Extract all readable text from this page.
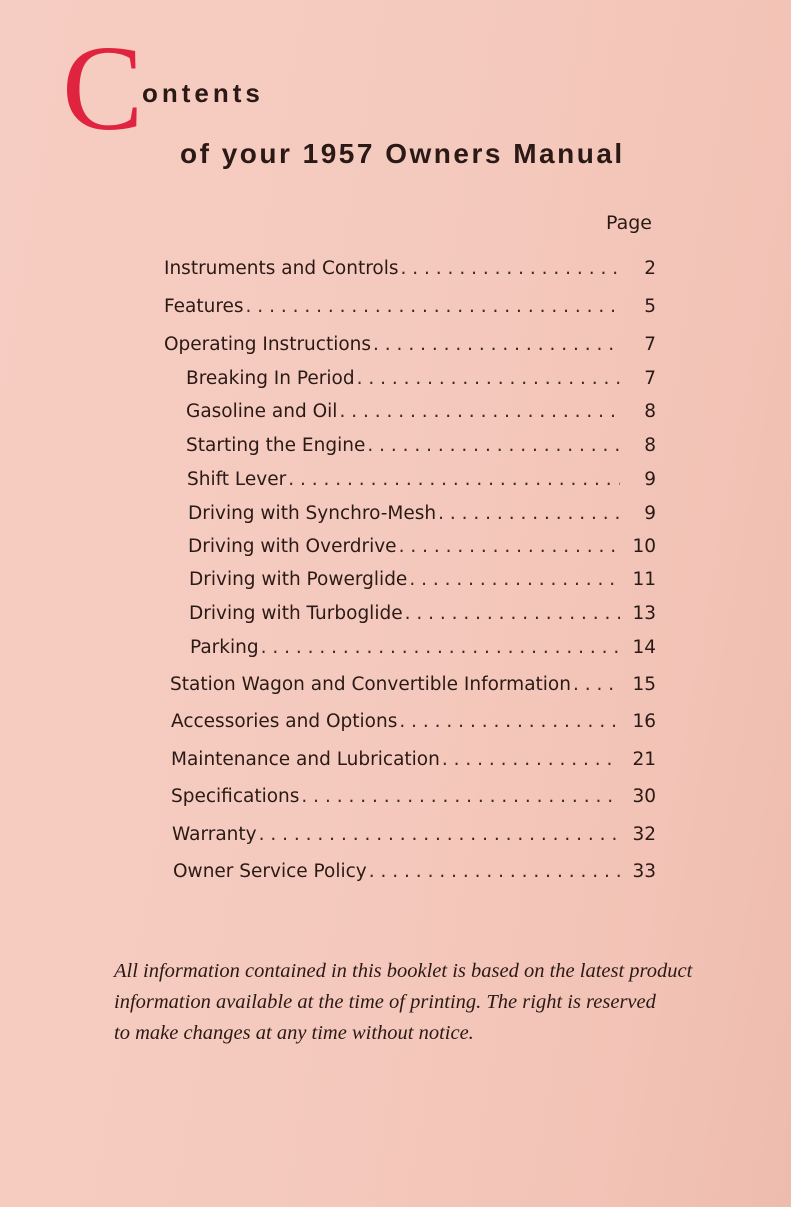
C
ontents
of your 1957 Owners Manual
Page
Instruments and Controls . . .	2
Features . . .	5
Operating Instructions . . .	7
Breaking In Period . . .	7
Gasoline and Oil . . .	8
Starting the Engine . . .	8
Shift Lever . . .	9
Driving with Synchro-Mesh . . .	9
Driving with Overdrive . . .	10
Driving with Powerglide . . .	11
Driving with Turboglide . . .	13
Parking . . .	14
Station Wagon and Convertible Information . . .	15
Accessories and Options . . .	16
Maintenance and Lubrication . . .	21
Specifications . . .	30
Warranty . . .	32
Owner Service Policy . . .	33
All information contained in this booklet is based on the latest product
information available at the time of printing. The right is reserved
to make changes at any time without notice.
